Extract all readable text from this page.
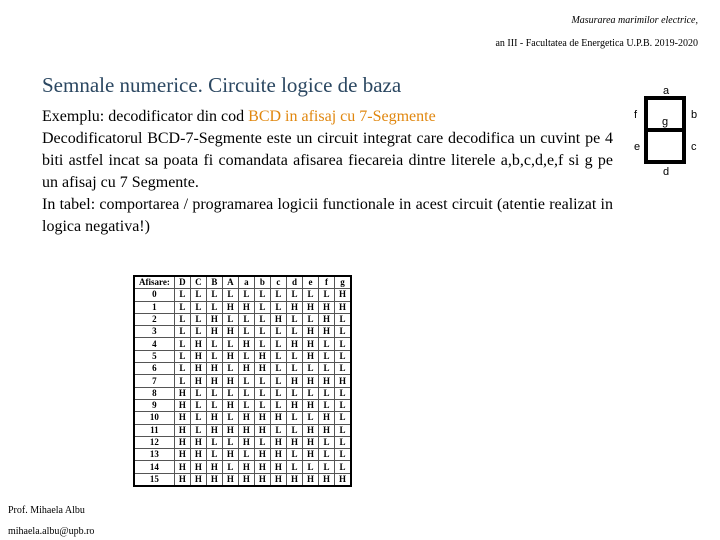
Masurarea marimilor electrice,
an III - Facultatea de Energetica U.P.B. 2019-2020
Semnale numerice. Circuite logice de baza

Exemplu: decodificator din cod BCD in afisaj cu 7-Segmente

Decodificatorul BCD-7-Segmente este un circuit integrat care decodifica un cuvint pe 4 biti astfel incat sa poata fi comandata afisarea fiecareia dintre literele a,b,c,d,e,f si g pe un afisaj cu 7 Segmente.

In tabel: comportarea / programarea logicii functionale in acest circuit (atentie realizat in logica negativa!)

a
b
c
d
e
f
g
Afisare:	D	C	B	A	a	b	c	d	e	f	g
0	L	L	L	L	L	L	L	L	L	L	H
1	L	L	L	H	H	L	L	H	H	H	H
2	L	L	H	L	L	L	H	L	L	H	L
3	L	L	H	H	L	L	L	L	H	H	L
4	L	H	L	L	H	L	L	H	H	L	L
5	L	H	L	H	L	H	L	L	H	L	L
6	L	H	H	L	H	H	L	L	L	L	L
7	L	H	H	H	L	L	L	H	H	H	H
8	H	L	L	L	L	L	L	L	L	L	L
9	H	L	L	H	L	L	L	H	H	L	L
10	H	L	H	L	H	H	H	L	L	H	L
11	H	L	H	H	H	H	L	L	H	H	L
12	H	H	L	L	H	L	H	H	H	L	L
13	H	H	L	H	L	H	H	L	H	L	L
14	H	H	H	L	H	H	H	L	L	L	L
15	H	H	H	H	H	H	H	H	H	H	H
Prof. Mihaela Albu
mihaela.albu@upb.ro
